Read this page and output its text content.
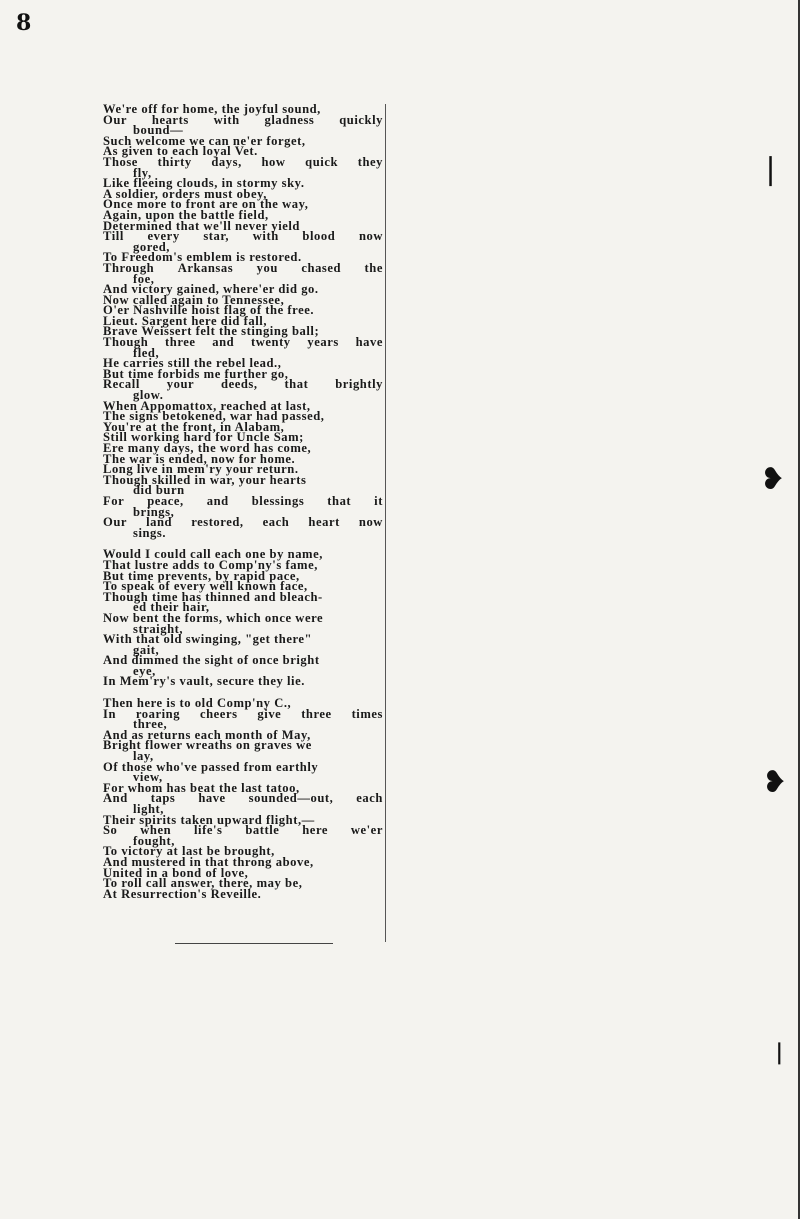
8
We're off for home, the joyful sound,
Our hearts with gladness quickly
bound—
Such welcome we can ne'er forget,
As given to each loyal Vet.
Those thirty days, how quick they
fly,
Like fleeing clouds, in stormy sky.
A soldier, orders must obey,
Once more to front are on the way,
Again, upon the battle field,
Determined that we'll never yield
Till every star, with blood now
gored,
To Freedom's emblem is restored.
Through Arkansas you chased the
foe,
And victory gained, where'er did go.
Now called again to Tennessee,
O'er Nashville hoist flag of the free.
Lieut. Sargent here did fall,
Brave Weissert felt the stinging ball;
Though three and twenty years have
fled,
He carries still the rebel lead.,
But time forbids me further go,
Recall your deeds, that brightly
glow.
When Appomattox, reached at last,
The signs betokened, war had passed,
You're at the front, in Alabam,
Still working hard for Uncle Sam;
Ere many days, the word has come,
The war is ended, now for home.
Long live in mem'ry your return.
Though skilled in war, your hearts
did burn
For peace, and blessings that it
brings,
Our land restored, each heart now
sings.
Would I could call each one by name,
That lustre adds to Comp'ny's fame,
But time prevents, by rapid pace,
To speak of every well known face,
Though time has thinned and bleach-
ed their hair,
Now bent the forms, which once were
straight,
With that old swinging, "get there"
gait,
And dimmed the sight of once bright
eye,
In Mem'ry's vault, secure they lie.
Then here is to old Comp'ny C.,
In roaring cheers give three times
three,
And as returns each month of May,
Bright flower wreaths on graves we
lay,
Of those who've passed from earthly
view,
For whom has beat the last tatoo,
And taps have sounded—out, each
light,
Their spirits taken upward flight,—
So when life's battle here we'er
fought,
To victory at last be brought,
And mustered in that throng above,
United in a bond of love,
To roll call answer, there, may be,
At Resurrection's Reveille.
❙
❥
❥
❙
